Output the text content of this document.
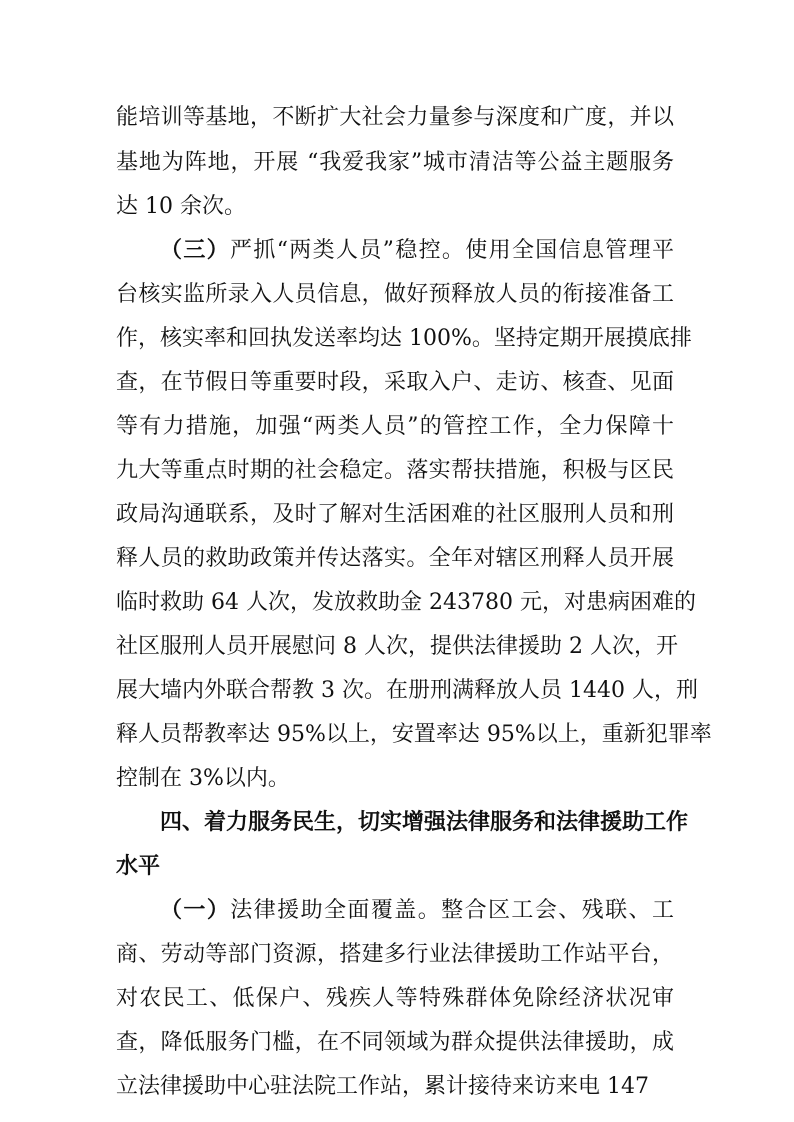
能培训等基地，不断扩大社会力量参与深度和广度，并以
基地为阵地，开展 “我爱我家”城市清洁等公益主题服务
达 10 余次。
（三）严抓“两类人员”稳控。使用全国信息管理平
台核实监所录入人员信息，做好预释放人员的衔接准备工
作，核实率和回执发送率均达 100%。坚持定期开展摸底排
查，在节假日等重要时段，采取入户、走访、核查、见面
等有力措施，加强“两类人员”的管控工作，全力保障十
九大等重点时期的社会稳定。落实帮扶措施，积极与区民
政局沟通联系，及时了解对生活困难的社区服刑人员和刑
释人员的救助政策并传达落实。全年对辖区刑释人员开展
临时救助 64 人次，发放救助金 243780 元，对患病困难的
社区服刑人员开展慰问 8 人次，提供法律援助 2 人次，开
展大墙内外联合帮教 3 次。在册刑满释放人员 1440 人，刑
释人员帮教率达 95%以上，安置率达 95%以上，重新犯罪率
控制在 3%以内。
四、着力服务民生，切实增强法律服务和法律援助工作
水平
（一）法律援助全面覆盖。整合区工会、残联、工
商、劳动等部门资源，搭建多行业法律援助工作站平台，
对农民工、低保户、残疾人等特殊群体免除经济状况审
查，降低服务门槛，在不同领域为群众提供法律援助，成
立法律援助中心驻法院工作站，累计接待来访来电 147
